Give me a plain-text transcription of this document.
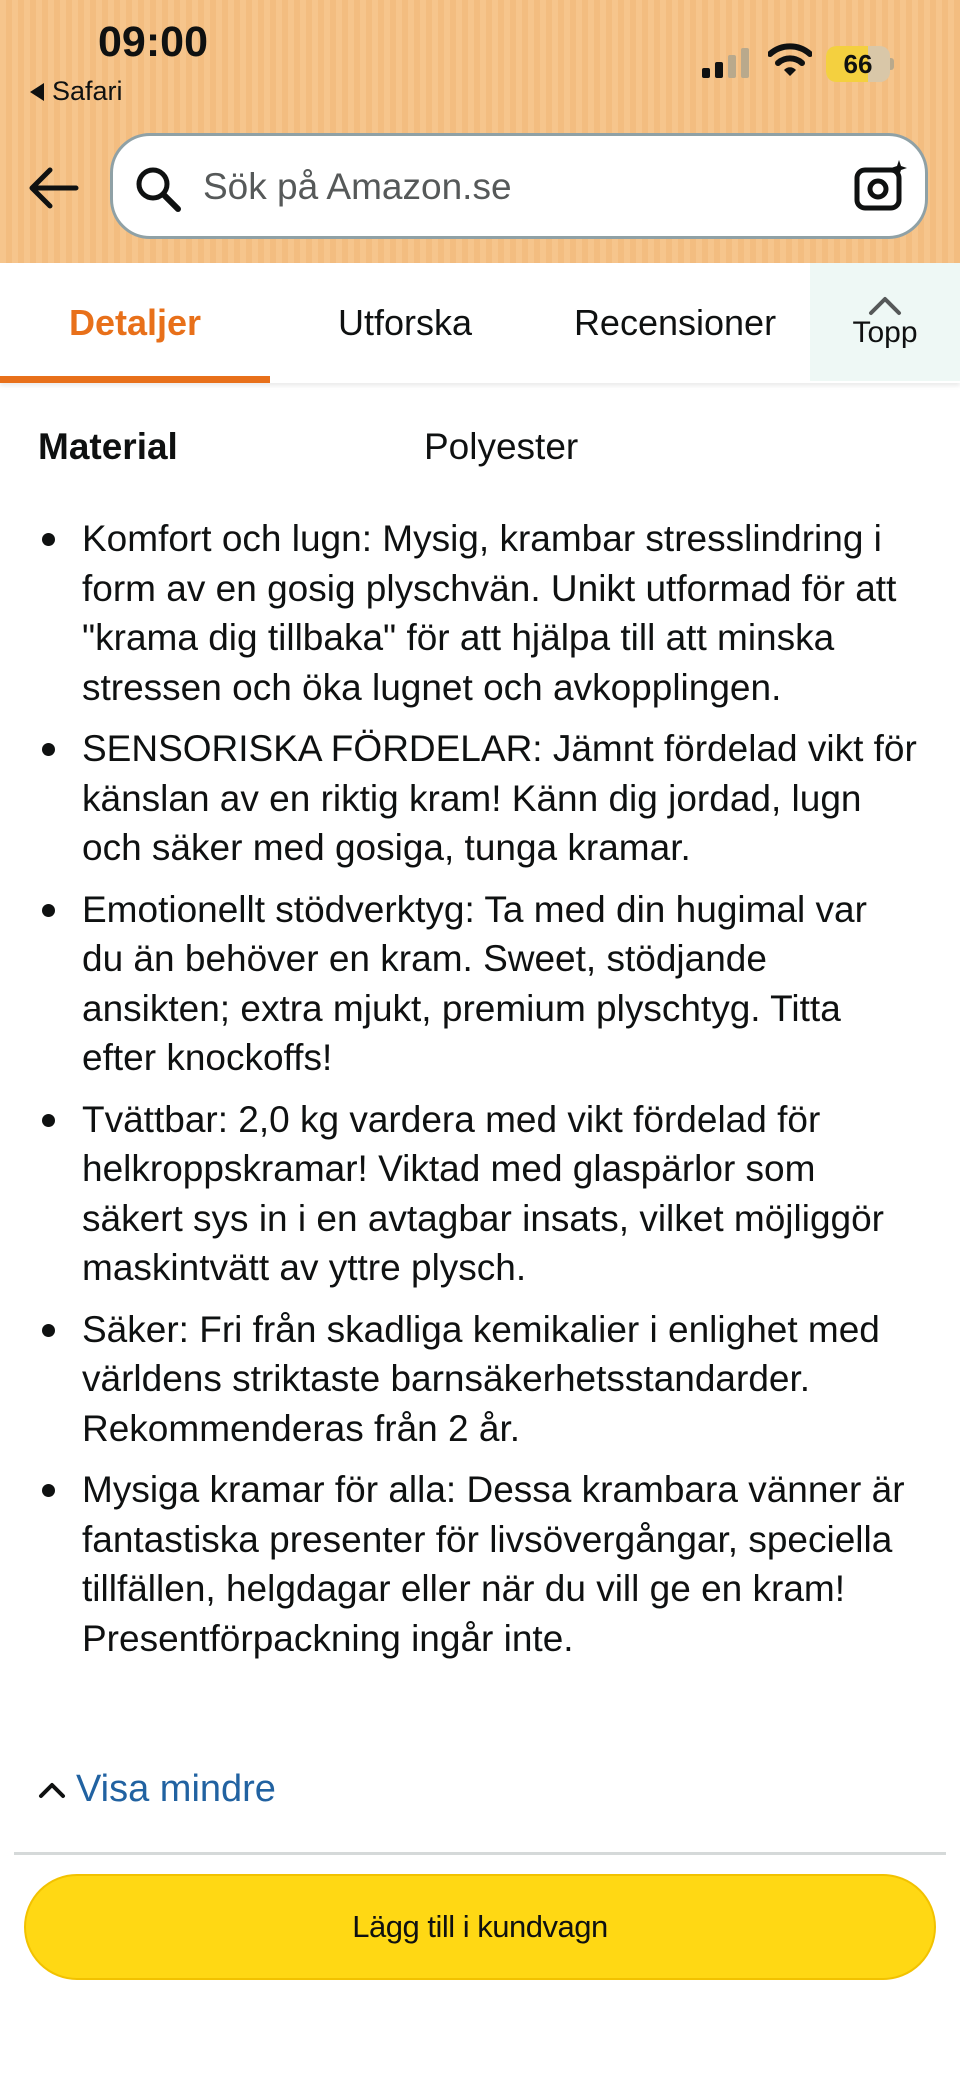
09:00
Safari
66
Sök på Amazon.se
Detaljer	Utforska	Recensioner	Topp
Material	Polyester
Komfort och lugn: Mysig, krambar stresslindring i form av en gosig plyschvän. Unikt utformad för att "krama dig tillbaka" för att hjälpa till att minska stressen och öka lugnet och avkopplingen.
SENSORISKA FÖRDELAR: Jämnt fördelad vikt för känslan av en riktig kram! Känn dig jordad, lugn och säker med gosiga, tunga kramar.
Emotionellt stödverktyg: Ta med din hugimal var du än behöver en kram. Sweet, stödjande ansikten; extra mjukt, premium plyschtyg. Titta efter knockoffs!
Tvättbar: 2,0 kg vardera med vikt fördelad för helkroppskramar! Viktad med glaspärlor som säkert sys in i en avtagbar insats, vilket möjliggör maskintvätt av yttre plysch.
Säker: Fri från skadliga kemikalier i enlighet med världens striktaste barnsäkerhetsstandarder. Rekommenderas från 2 år.
Mysiga kramar för alla: Dessa krambara vänner är fantastiska presenter för livsövergångar, speciella tillfällen, helgdagar eller när du vill ge en kram! Presentförpackning ingår inte.
Visa mindre
Lägg till i kundvagn
